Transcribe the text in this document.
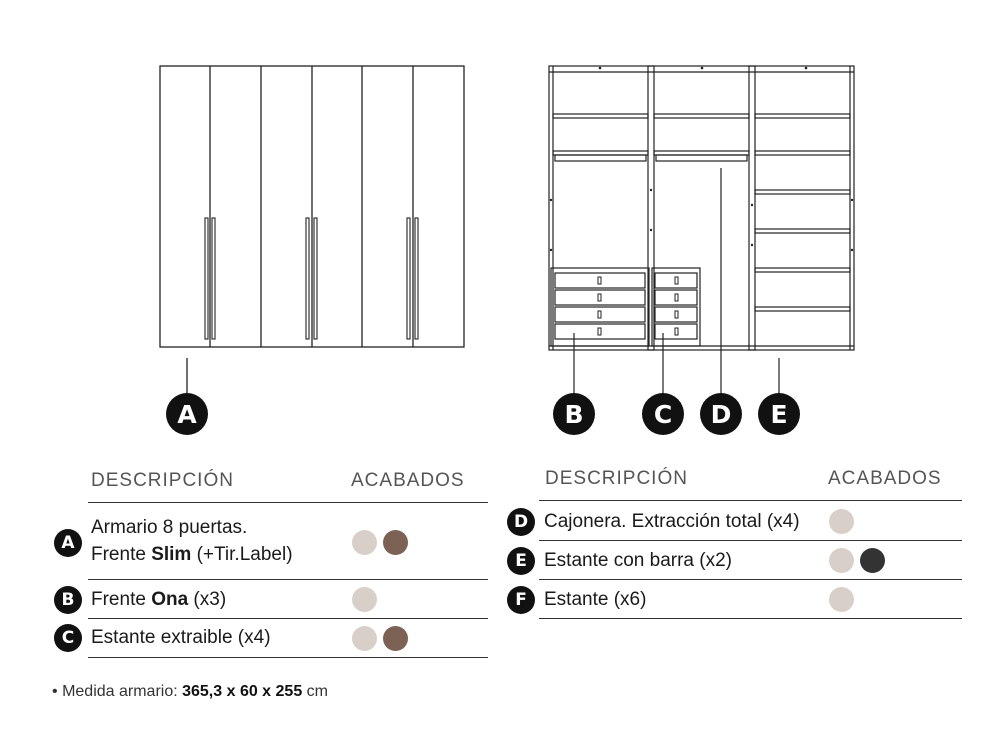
A	B	C	D	E
DESCRIPCIÓN	ACABADOS
A
Armario 8 puertas.
Frente Slim (+Tir.Label)
B Frente Ona (x3)
C Estante extraible (x4)
DESCRIPCIÓN	ACABADOS
D Cajonera. Extracción total (x4)
E Estante con barra (x2)
F Estante (x6)
• Medida armario: 365,3 x 60 x 255 cm
